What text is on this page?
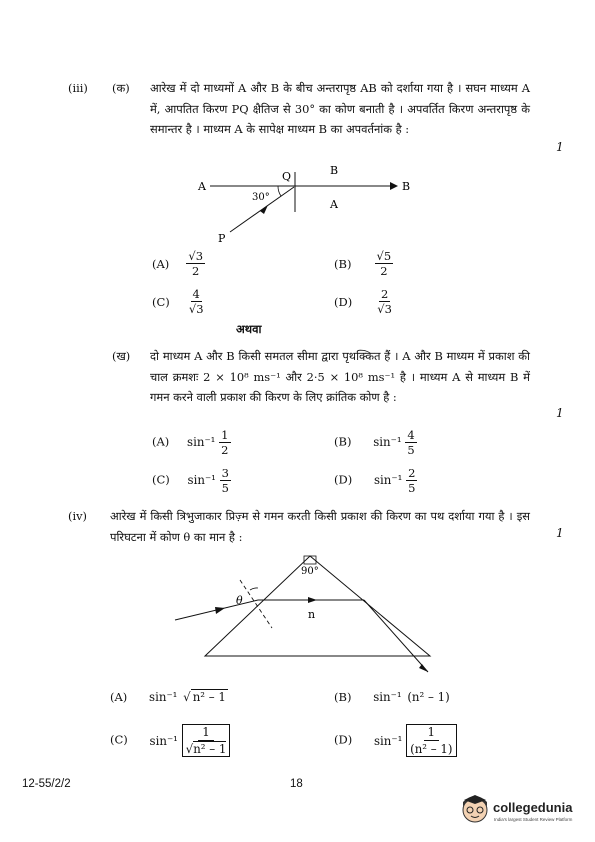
(iii) (क) आरेख में दो माध्यमों A और B के बीच अन्तरापृष्ठ AB को दर्शाया गया है । सघन माध्यम A में, आपतित किरण PQ क्षैतिज से 30° का कोण बनाती है । अपवर्तित किरण अन्तरापृष्ठ के समान्तर है । माध्यम A के सापेक्ष माध्यम B का अपवर्तनांक है :
1
A	B
Q
P
30°
B
A
$(A) \frac{√3}{2}$	$(B) \frac{√5}{2}$
$(C) \frac{4}{√3}$	$(D) \frac{2}{√3}$
अथवा
(ख) दो माध्यम A और B किसी समतल सीमा द्वारा पृथक्कित हैं । A और B माध्यम में प्रकाश की चाल क्रमशः 2 × 10⁸ ms⁻¹ और 2·5 × 10⁸ ms⁻¹ है । माध्यम A से माध्यम B में गमन करने वाली प्रकाश की किरण के लिए क्रांतिक कोण है :
1
(A) $\sin^{-1} \frac{1}{2}$	(B) $\sin^{-1} \frac{4}{5}$
(C) $\sin^{-1} \frac{3}{5}$	(D) $\sin^{-1} \frac{2}{5}$
(iv) आरेख में किसी त्रिभुजाकार प्रिज़्म से गमन करती किसी प्रकाश की किरण का पथ दर्शाया गया है । इस परिघटना में कोण θ का मान है :	1
90°
θ
n
(A) sin⁻¹ √ n² – 1	(B) sin⁻¹ (n² – 1)
(C) $\sin^{-1} \frac{1}{\text{√n² – 1}}$	(D) $\sin^{-1} \frac{1}{\text{(n² – 1)}}$
12-55/2/2	18
collegedunia
India's largest Student Review Platform
